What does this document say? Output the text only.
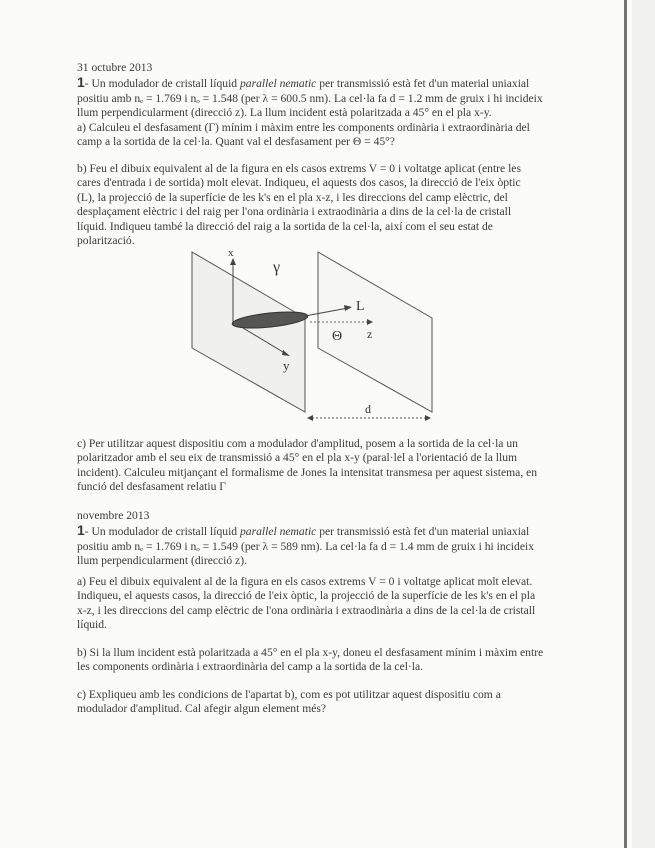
31 octubre 2013
1- Un modulador de cristall líquid parallel nematic per transmissió està fet d'un material uniaxial
positiu amb nₑ = 1.769 i nₒ = 1.548 (per λ = 600.5 nm). La cel·la fa d = 1.2 mm de gruix i hi incideix
llum perpendicularment (direcció z). La llum incident està polaritzada a 45° en el pla x-y.
a) Calculeu el desfasament (Γ) mínim i màxim entre les components ordinària i extraordinària del
camp a la sortida de la cel·la. Quant val el desfasament per Θ = 45°?
b) Feu el dibuix equivalent al de la figura en els casos extrems V = 0 i voltatge aplicat (entre les
cares d'entrada i de sortida) molt elevat. Indiqueu, el aquests dos casos, la direcció de l'eix òptic
(L), la projecció de la superfície de les k's en el pla x-z, i les direccions del camp elèctric, del
desplaçament elèctric i del raig per l'ona ordinària i extraodinària a dins de la cel·la de cristall
líquid. Indiqueu també la direcció del raig a la sortida de la cel·la, així com el seu estat de
polarització.
x
y
z
L
γ
Θ
d
c) Per utilitzar aquest dispositiu com a modulador d'amplitud, posem a la sortida de la cel·la un
polaritzador amb el seu eix de transmissió a 45° en el pla x-y (paral·lel a l'orientació de la llum
incident). Calculeu mitjançant el formalisme de Jones la intensitat transmesa per aquest sistema, en
funció del desfasament relatiu Γ
novembre 2013
1- Un modulador de cristall líquid parallel nematic per transmissió està fet d'un material uniaxial
positiu amb nₑ = 1.769 i nₒ = 1.549 (per λ = 589 nm). La cel·la fa d = 1.4 mm de gruix i hi incideix
llum perpendicularment (direcció z).
a) Feu el dibuix equivalent al de la figura en els casos extrems V = 0 i voltatge aplicat molt elevat.
Indiqueu, el aquests casos, la direcció de l'eix òptic, la projecció de la superfície de les k's en el pla
x-z, i les direccions del camp elèctric de l'ona ordinària i extraodinària a dins de la cel·la de cristall
líquid.
b) Si la llum incident està polaritzada a 45° en el pla x-y, doneu el desfasament mínim i màxim entre
les components ordinària i extraordinària del camp a la sortida de la cel·la.
c) Expliqueu amb les condicions de l'apartat b), com es pot utilitzar aquest dispositiu com a
modulador d'amplitud. Cal afegir algun element més?
